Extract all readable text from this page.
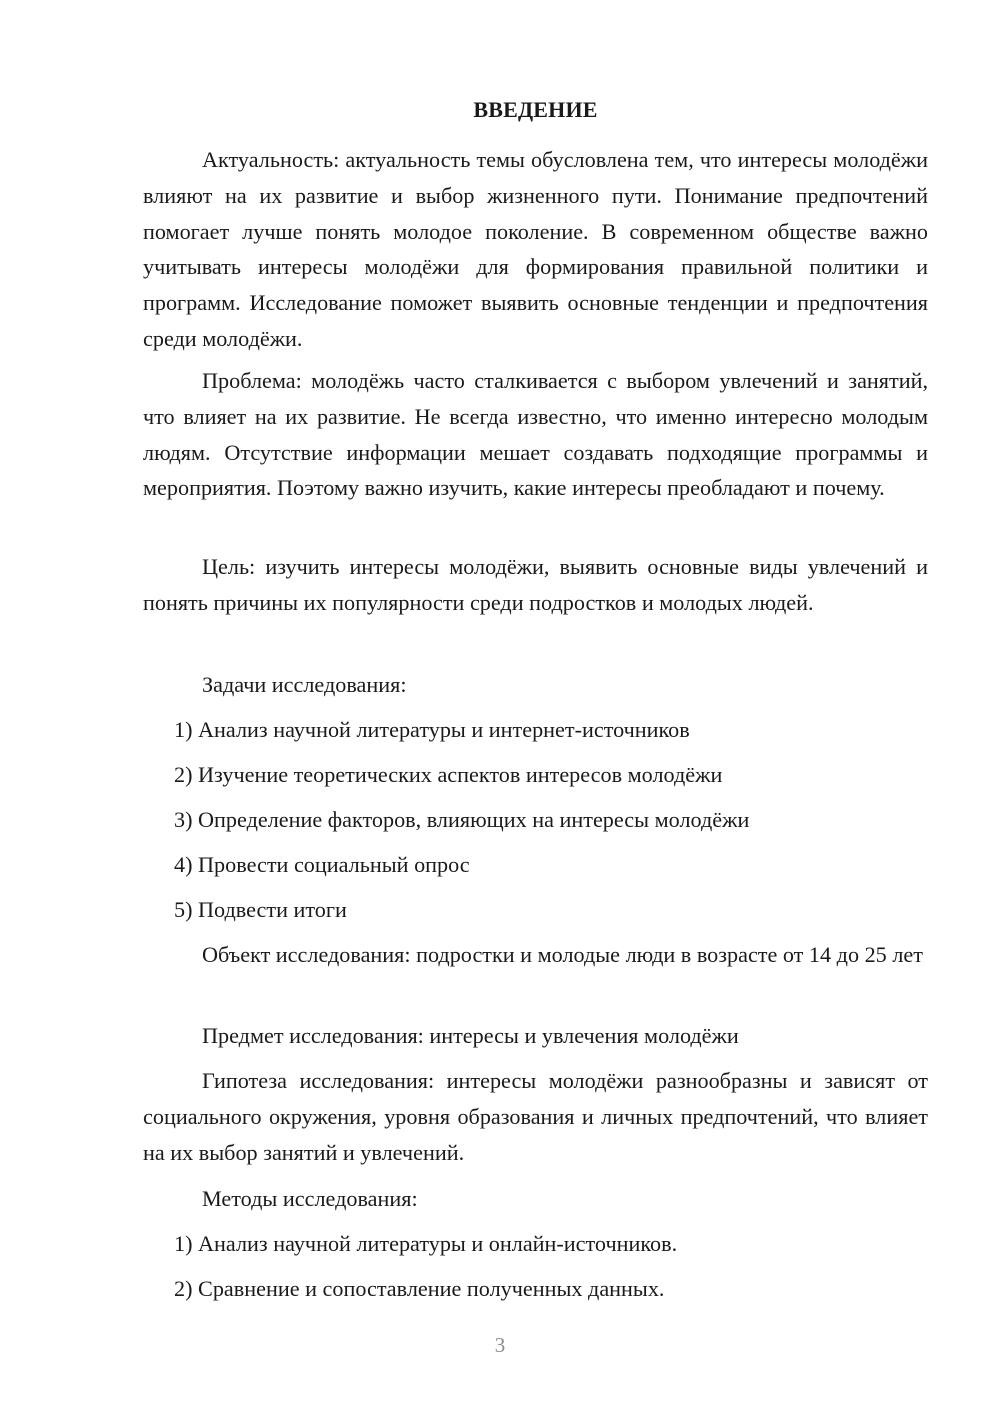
ВВЕДЕНИЕ

Актуальность: актуальность темы обусловлена тем, что интересы молодёжи влияют на их развитие и выбор жизненного пути. Понимание предпочтений помогает лучше понять молодое поколение. В современном обществе важно учитывать интересы молодёжи для формирования правильной политики и программ. Исследование поможет выявить основные тенденции и предпочтения среди молодёжи.

Проблема: молодёжь часто сталкивается с выбором увлечений и занятий, что влияет на их развитие. Не всегда известно, что именно интересно молодым людям. Отсутствие информации мешает создавать подходящие программы и мероприятия. Поэтому важно изучить, какие интересы преобладают и почему.

Цель: изучить интересы молодёжи, выявить основные виды увлечений и понять причины их популярности среди подростков и молодых людей.

Задачи исследования:

1) Анализ научной литературы и интернет-источников

2) Изучение теоретических аспектов интересов молодёжи

3) Определение факторов, влияющих на интересы молодёжи

4) Провести социальный опрос

5) Подвести итоги

Объект исследования: подростки и молодые люди в возрасте от 14 до 25 лет

Предмет исследования: интересы и увлечения молодёжи

Гипотеза исследования: интересы молодёжи разнообразны и зависят от социального окружения, уровня образования и личных предпочтений, что влияет на их выбор занятий и увлечений.

Методы исследования:

1) Анализ научной литературы и онлайн-источников.

2) Сравнение и сопоставление полученных данных.

3
